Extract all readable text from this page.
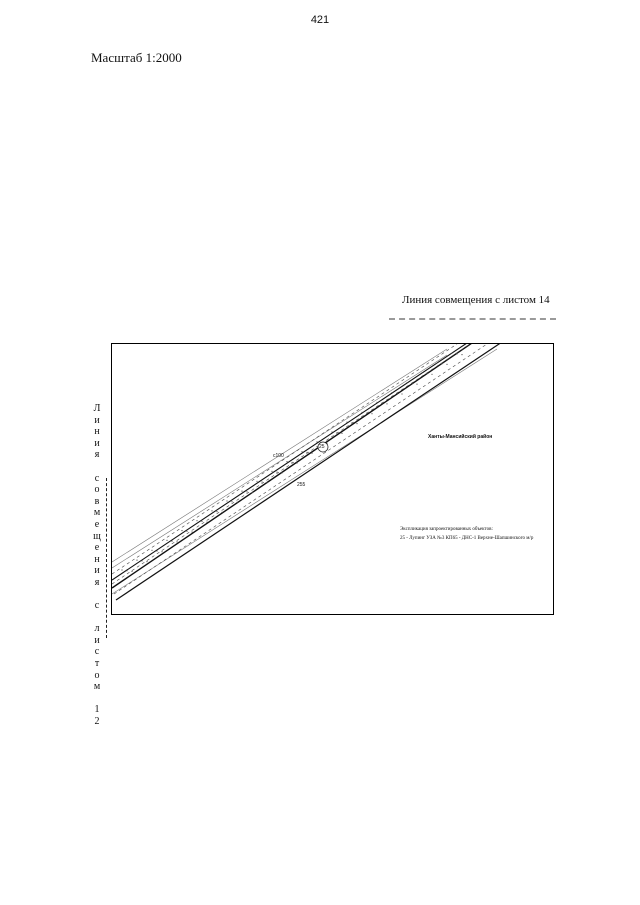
421
Масштаб 1:2000
Линия совмещения с листом 14
Л
и
н
и
я
с
о
в
м
е
щ
е
н
и
я
с
л
и
с
т
о
м
1
2
25
с100
255
Ханты-Мансийский район
Экспликация запроектированных объектов:
25 - Лупинг УЗА №3 КП65 - ДНС-1 Верхне-Шапшинского м/р
